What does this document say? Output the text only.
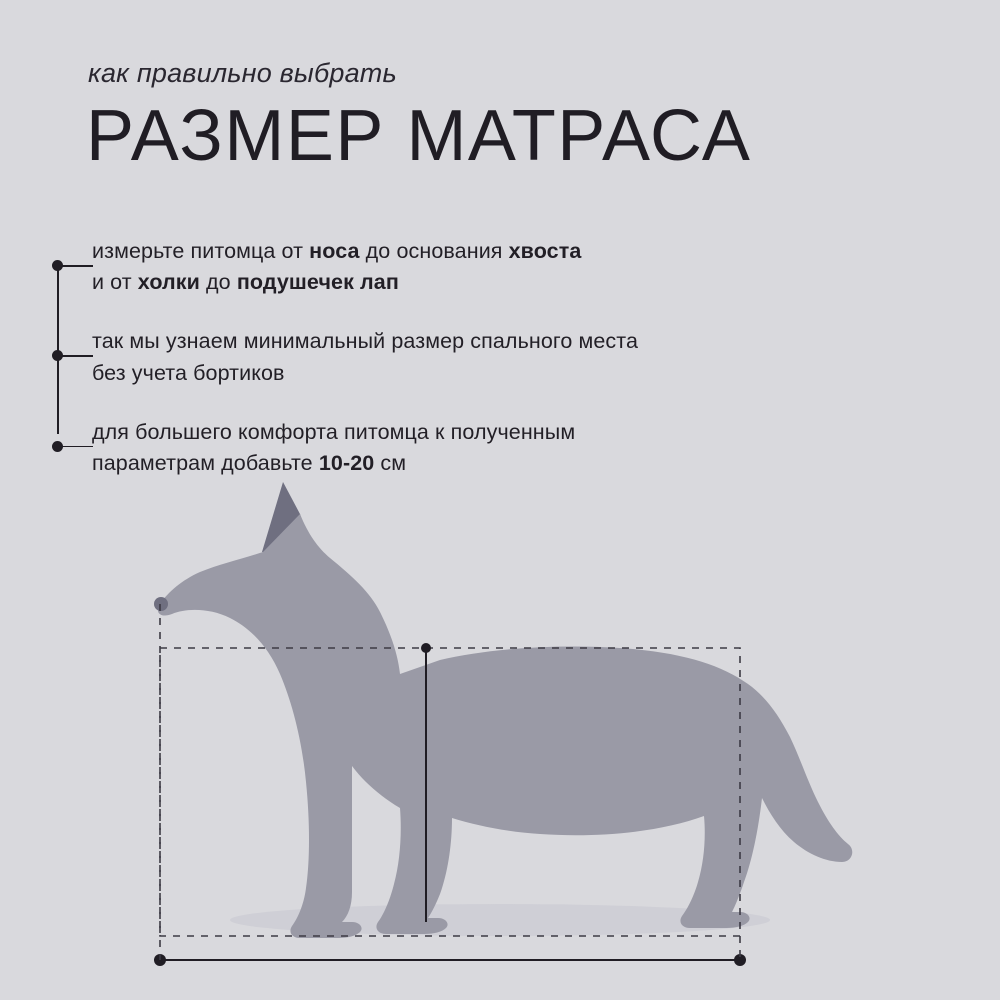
как правильно выбрать
РАЗМЕР МАТРАСА
измерьте питомца от носа до основания хвоста
и от холки до подушечек лап
так мы узнаем минимальный размер спального места
без учета бортиков
для большего комфорта питомца к полученным
параметрам добавьте 10-20 см
